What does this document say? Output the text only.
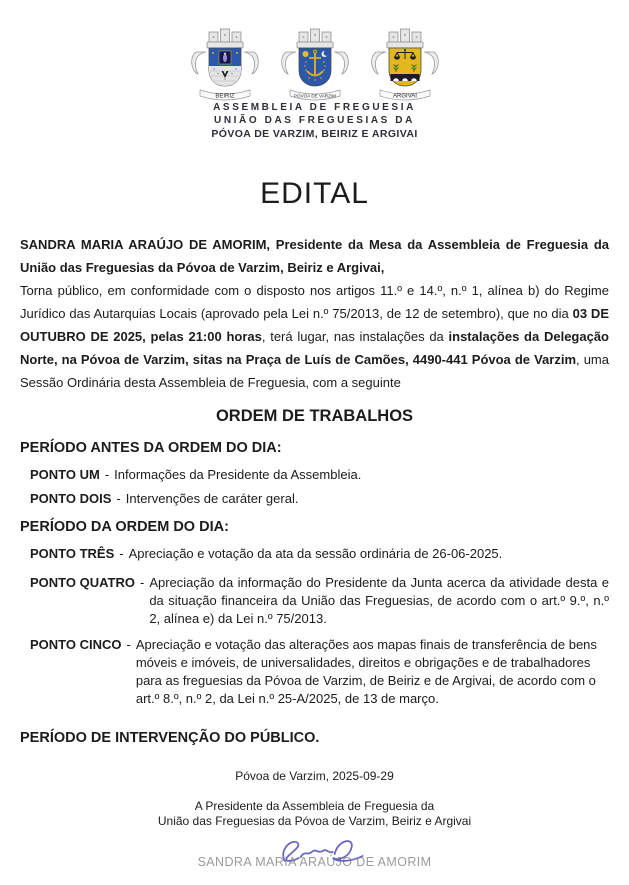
BEIRIZ	PÓVOA DE VARZIM	ARGIVAI
ASSEMBLEIA DE FREGUESIA
UNIÃO DAS FREGUESIAS DA
PÓVOA DE VARZIM, BEIRIZ E ARGIVAI
EDITAL

SANDRA MARIA ARAÚJO DE AMORIM, Presidente da Mesa da Assembleia de Freguesia da União das Freguesias da Póvoa de Varzim, Beiriz e Argivai,

Torna público, em conformidade com o disposto nos artigos 11.º e 14.º, n.º 1, alínea b) do Regime Jurídico das Autarquias Locais (aprovado pela Lei n.º 75/2013, de 12 de setembro), que no dia 03 DE OUTUBRO DE 2025, pelas 21:00 horas, terá lugar, nas instalações da instalações da Delegação Norte, na Póvoa de Varzim, sitas na Praça de Luís de Camões, 4490-441 Póvoa de Varzim, uma Sessão Ordinária desta Assembleia de Freguesia, com a seguinte

ORDEM DE TRABALHOS
PERÍODO ANTES DA ORDEM DO DIA:
PONTO UM - Informações da Presidente da Assembleia.
PONTO DOIS - Intervenções de caráter geral.
PERÍODO DA ORDEM DO DIA:
PONTO TRÊS - Apreciação e votação da ata da sessão ordinária de 26-06-2025.
PONTO QUATRO - Apreciação da informação do Presidente da Junta acerca da atividade desta e da situação financeira da União das Freguesias, de acordo com o art.º 9.º, n.º 2, alínea e) da Lei n.º 75/2013.
PONTO CINCO - Apreciação e votação das alterações aos mapas finais de transferência de bens móveis e imóveis, de universalidades, direitos e obrigações e de trabalhadores para as freguesias da Póvoa de Varzim, de Beiriz e de Argivai, de acordo com o art.º 8.º, n.º 2, da Lei n.º 25-A/2025, de 13 de março.
PERÍODO DE INTERVENÇÃO DO PÚBLICO.
Póvoa de Varzim, 2025-09-29
A Presidente da Assembleia de Freguesia da
União das Freguesias da Póvoa de Varzim, Beiriz e Argivai
SANDRA MARIA ARAÚJO DE AMORIM
